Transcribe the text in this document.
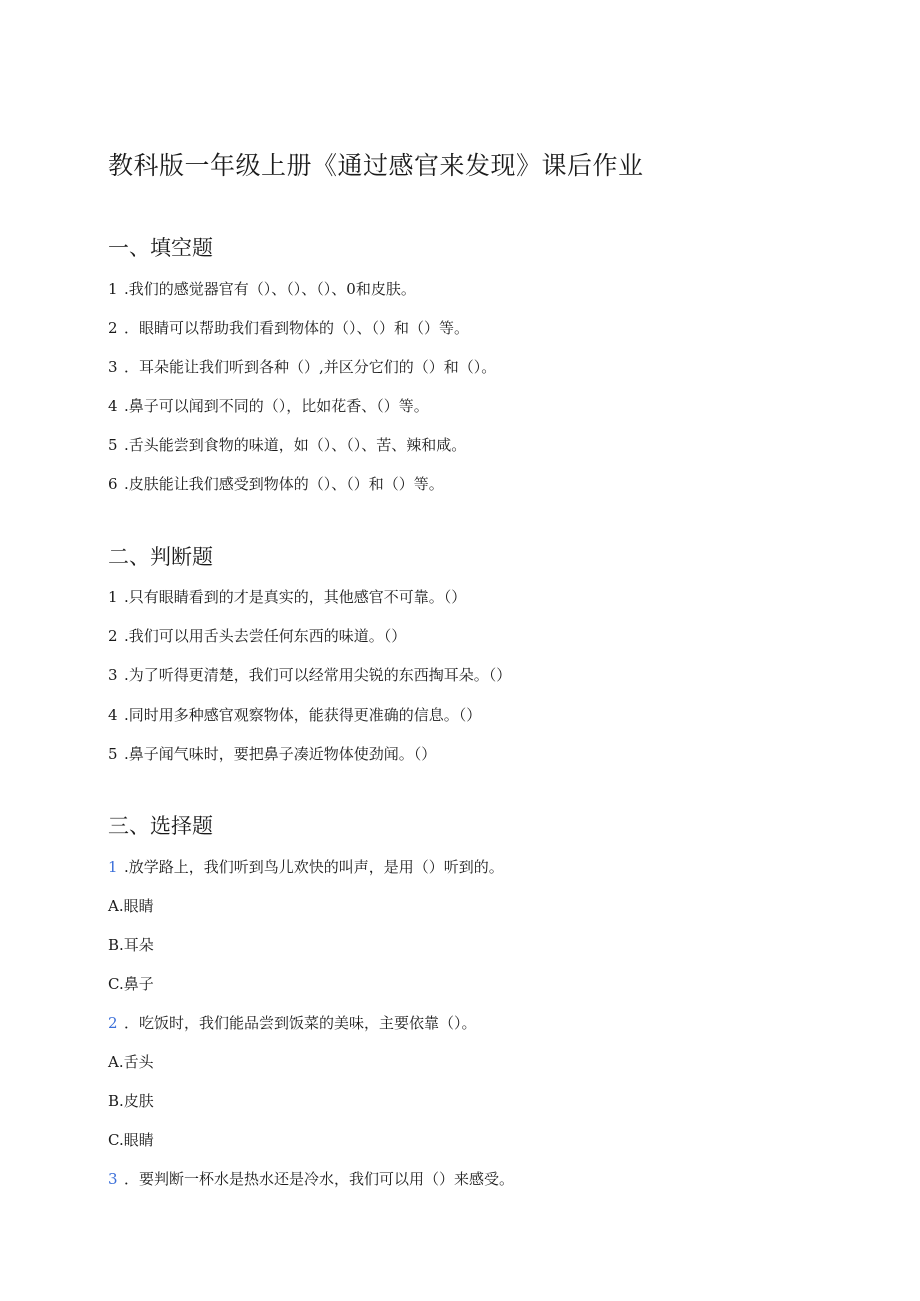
教科版一年级上册《通过感官来发现》课后作业
一、填空题
1 .我们的感觉器官有（）、（）、（）、0和皮肤。
2 ．眼睛可以帮助我们看到物体的（）、（）和（）等。
3 ．耳朵能让我们听到各种（）,并区分它们的（）和（）。
4 .鼻子可以闻到不同的（），比如花香、（）等。
5 .舌头能尝到食物的味道，如（）、（）、苦、辣和咸。
6 .皮肤能让我们感受到物体的（）、（）和（）等。
二、判断题
1 .只有眼睛看到的才是真实的，其他感官不可靠。（）
2 .我们可以用舌头去尝任何东西的味道。（）
3 .为了听得更清楚，我们可以经常用尖锐的东西掏耳朵。（）
4 .同时用多种感官观察物体，能获得更准确的信息。（）
5 .鼻子闻气味时，要把鼻子凑近物体使劲闻。（）
三、选择题
1 .放学路上，我们听到鸟儿欢快的叫声，是用（）听到的。
A.眼睛
B.耳朵
C.鼻子
2 ．吃饭时，我们能品尝到饭菜的美味，主要依靠（）。
A.舌头
B.皮肤
C.眼睛
3 ．要判断一杯水是热水还是冷水，我们可以用（）来感受。
